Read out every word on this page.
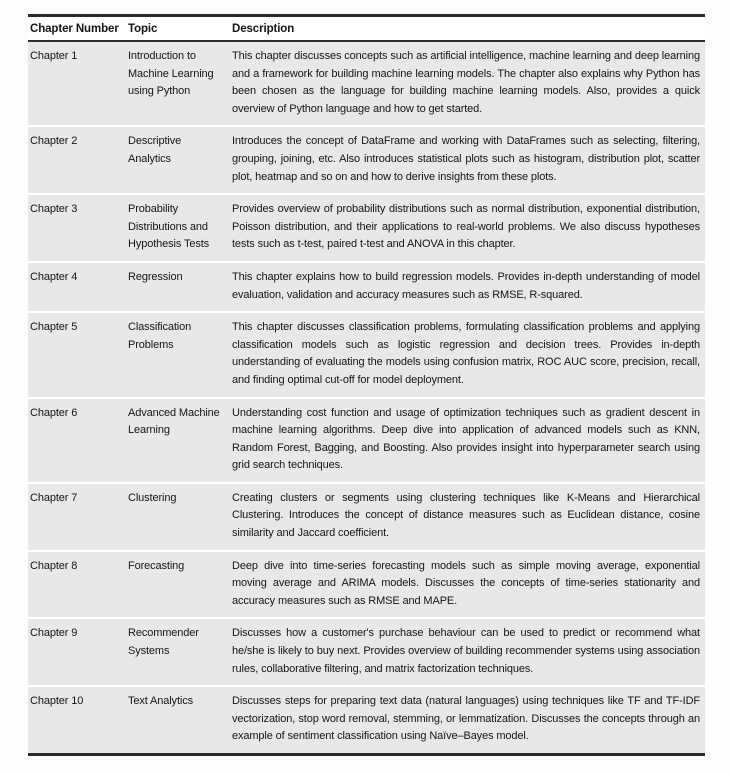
Chapter Number	Topic	Description
Chapter 1	Introduction to Machine Learning using Python	This chapter discusses concepts such as artificial intelligence, machine learning and deep learning and a framework for building machine learning models. The chapter also explains why Python has been chosen as the language for building machine learning models. Also, provides a quick overview of Python language and how to get started.
Chapter 2	Descriptive Analytics	Introduces the concept of DataFrame and working with DataFrames such as selecting, filtering, grouping, joining, etc. Also introduces statistical plots such as histogram, distribution plot, scatter plot, heatmap and so on and how to derive insights from these plots.
Chapter 3	Probability Distributions and Hypothesis Tests	Provides overview of probability distributions such as normal distribution, exponential distribution, Poisson distribution, and their applications to real-world problems. We also discuss hypotheses tests such as t-test, paired t-test and ANOVA in this chapter.
Chapter 4	Regression	This chapter explains how to build regression models. Provides in-depth understanding of model evaluation, validation and accuracy measures such as RMSE, R-squared.
Chapter 5	Classification Problems	This chapter discusses classification problems, formulating classification problems and applying classification models such as logistic regression and decision trees. Provides in-depth understanding of evaluating the models using confusion matrix, ROC AUC score, precision, recall, and finding optimal cut-off for model deployment.
Chapter 6	Advanced Machine Learning	Understanding cost function and usage of optimization techniques such as gradient descent in machine learning algorithms. Deep dive into application of advanced models such as KNN, Random Forest, Bagging, and Boosting. Also provides insight into hyperparameter search using grid search techniques.
Chapter 7	Clustering	Creating clusters or segments using clustering techniques like K-Means and Hierarchical Clustering. Introduces the concept of distance measures such as Euclidean distance, cosine similarity and Jaccard coefficient.
Chapter 8	Forecasting	Deep dive into time-series forecasting models such as simple moving average, exponential moving average and ARIMA models. Discusses the concepts of time-series stationarity and accuracy measures such as RMSE and MAPE.
Chapter 9	Recommender Systems	Discusses how a customer's purchase behaviour can be used to predict or recommend what he/she is likely to buy next. Provides overview of building recommender systems using association rules, collaborative filtering, and matrix factorization techniques.
Chapter 10	Text Analytics	Discusses steps for preparing text data (natural languages) using techniques like TF and TF-IDF vectorization, stop word removal, stemming, or lemmatization. Discusses the concepts through an example of sentiment classification using Naïve–Bayes model.
